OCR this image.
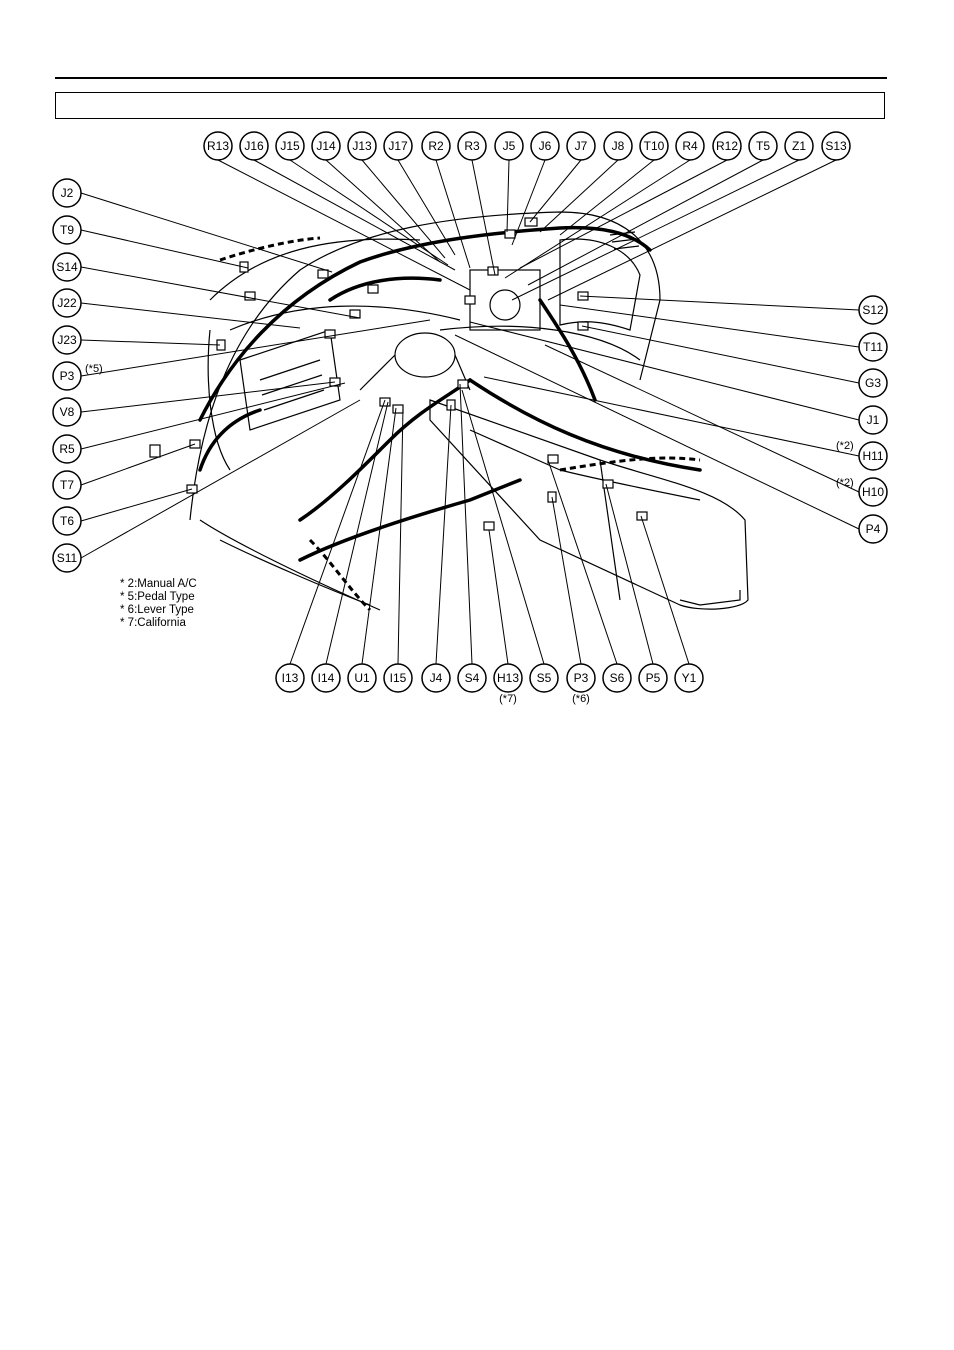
R13 J16 J15 J14 J13 J17 R2 R3 J5 J6 J7 J8 T10 R4 R12 T5 Z1 S13
J2
T9
S14
J22
J23
P3 (*5)
V8
R5
T7
T6
S11
S12
T11
G3
J1
(*2)
H11
(*2)
H10
P4
I13 I14 U1 I15 J4 S4 H13
(*7)
S5 P3
(*6)
S6 P5 Y1
* 2:Manual A/C
* 5:Pedal Type
* 6:Lever Type
* 7:California
